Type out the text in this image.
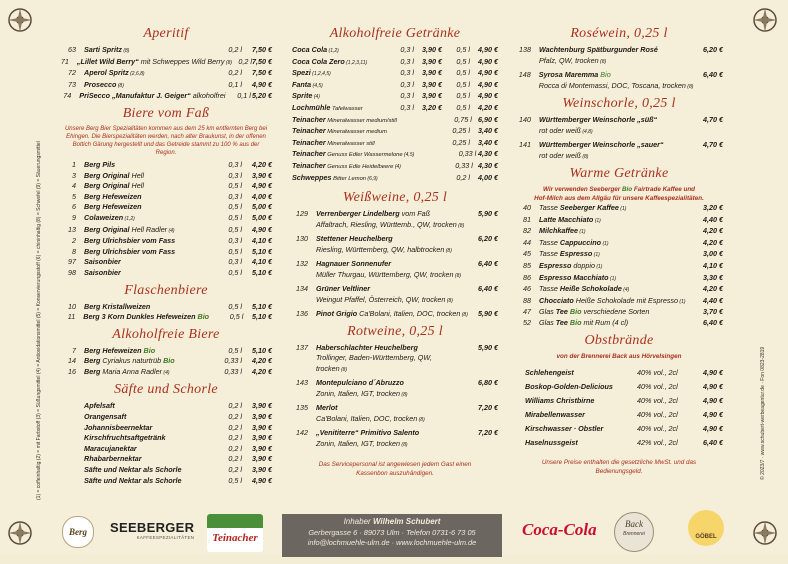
(1) = coffeinhaltig (2) = mit Farbstoff (3) = Süßungsmittel (4) = Antioxidationsmittel (5) = Konservierungsstoff (6) = chininhaltig (8) = Schwefel (9) = Säuerungsmittel	© 2023/7 · www.schubert-werbeagentur.de · Fon 0823-2819
Aperitif
63 Sarti Spritz (8)	0,2 l	7,50 €
71 „Lillet Wild Berry“ mit Schweppes Wild Berry (8) 0,2 l 7,50 €
72 Aperol Spritz (2,6,8)	0,2 l	7,50 €
73 Prosecco (8)	0,1 l	4,90 €
74 PriSecco „Manufaktur J. Geiger“ alkoholfrei	0,1 l 5,20 €
Biere vom Faß
Unsere Berg Bier Spezialitäten kommen aus dem 25 km entfernten Berg bei Ehingen. Die Bierspezialitäten werden, nach alter Braukunst, in der offenen Bottich Gärung hergestellt und das Getreide stammt zu 100 % aus der Region.
1 Berg Pils	0,3 l	4,20 €
3 Berg Original Hell	0,3 l	3,90 €
4 Berg Original Hell	0,5 l	4,90 €
5 Berg Hefeweizen	0,3 l	4,00 €
6 Berg Hefeweizen	0,5 l	5,00 €
9 Colaweizen (1,2)	0,5 l	5,00 €
13 Berg Original Hell Radler (4)	0,5 l	4,90 €
2 Berg Ulrichsbier vom Fass	0,3 l	4,10 €
8 Berg Ulrichsbier vom Fass	0,5 l	5,10 €
97 Saisonbier	0,3 l	4,10 €
98 Saisonbier	0,5 l	5,10 €
Flaschenbiere
10 Berg Kristallweizen	0,5 l	5,10 €
11 Berg 3 Korn Dunkles Hefeweizen Bio	0,5 l	5,10 €
Alkoholfreie Biere
7 Berg Hefeweizen Bio	0,5 l	5,10 €
14 Berg Cyriakus naturtrüb Bio	0,33 l	4,20 €
16 Berg Maria Anna Radler (4)	0,33 l	4,20 €
Säfte und Schorle
Apfelsaft	0,2 l	3,90 €
Orangensaft	0,2 l	3,90 €
Johannisbeernektar	0,2 l	3,90 €
Kirschfruchtsaftgetränk	0,2 l	3,90 €
Maracujanektar	0,2 l	3,90 €
Rhabarbernektar	0,2 l	3,90 €
Säfte und Nektar als Schorle	0,2 l	3,90 €
Säfte und Nektar als Schorle	0,5 l	4,90 €
Alkoholfreie Getränke
Coca Cola (1,2)	0,3 l	3,90 €	0,5 l	4,90 €
Coca Cola Zero (1,2,3,11)	0,3 l	3,90 €	0,5 l	4,90 €
Spezi (1,2,4,5)	0,3 l	3,90 €	0,5 l	4,90 €
Fanta (4,5)	0,3 l	3,90 €	0,5 l	4,90 €
Sprite (4)	0,3 l	3,90 €	0,5 l	4,90 €
Lochmühle Tafelwasser	0,3 l	3,20 €	0,5 l	4,20 €
Teinacher Mineralwasser medium/still	0,75 l 6,90 €
Teinacher Mineralwasser medium	0,25 l	3,40 €
Teinacher Mineralwasser still	0,25 l	3,40 €
Teinacher Genuss Edler Wassermelone (4,5)	0,33 l 4,30 €
Teinacher Genuss Edle Heidelbeere (4)	0,33 l 4,30 €
Schweppes Bitter Lemon (6,9)	0,2 l	4,00 €
Weißweine, 0,25 l
129 Verrenberger Lindelberg vom Faß
Affaltrach, Riesling, Württemb., QW, trocken (8)
5,90 €
130 Stettener Heuchelberg
Riesling, Württemberg, QW, halbtrocken (8)
6,20 €
132 Hagnauer Sonnenufer
Müller Thurgau, Württemberg, QW, trocken (8)
6,40 €
134 Grüner Veltliner
Weingut Pfaffel, Österreich, QW, trocken (8)
6,40 €
136 Pinot Grigio Ca'Bolani, Italien, DOC, trocken (8)	5,90 €
Rotweine, 0,25 l
137 Haberschlachter Heuchelberg
Trollinger, Baden-Württemberg, QW,
trocken (8)
5,90 €
143 Montepulciano d´Abruzzo
Zonin, Italien, IGT, trocken (8)
6,80 €
135 Merlot
Ca'Bolani, Italien, DOC, trocken (8)
7,20 €
142 „Venititerre“ Primitivo Salento
Zonin, Italien, IGT, trocken (8)
7,20 €
Das Servicepersonal ist angewiesen jedem Gast einen Kassenbon auszuhändigen.
Roséwein, 0,25 l
138 Wachtenburg Spätburgunder Rosé
Pfalz, QW, trocken (8)
6,20 €
148 Syrosa Maremma Bio
Rocca di Montemassi, DOC, Toscana, trocken (8)
6,40 €
Weinschorle, 0,25 l
140 Württemberger Weinschorle „süß“
rot oder weiß (4,8)
4,70 €
141 Württemberger Weinschorle „sauer“
rot oder weiß (8)
4,70 €
Warme Getränke
Wir verwenden Seeberger Bio Fairtrade Kaffee und
Hof-Milch aus dem Allgäu für unsere Kaffeespezialitäten.
40 Tasse Seeberger Kaffee (1)	3,20 €
81 Latte Macchiato (1)	4,40 €
82 Milchkaffee (1)	4,20 €
44 Tasse Cappuccino (1)	4,20 €
45 Tasse Espresso (1)	3,00 €
85 Espresso doppio (1)	4,10 €
86 Espresso Macchiato (1)	3,30 €
46 Tasse Heiße Schokolade (4)	4,20 €
88 Chocciato Heiße Schokolade mit Espresso (1)	4,40 €
47 Glas Tee Bio verschiedene Sorten	3,70 €
52 Glas Tee Bio mit Rum (4 cl)	6,40 €
Obstbrände
von der Brennerei Back aus Hörvelsingen
Schlehengeist	40% vol., 2cl	4,90 €
Boskop-Golden-Delicious	40% vol., 2cl	4,90 €
Williams Christbirne	40% vol., 2cl	4,90 €
Mirabellenwasser	40% vol., 2cl	4,90 €
Kirschwasser · Obstler	40% vol., 2cl	4,90 €
Haselnussgeist	42% vol., 2cl	6,40 €
Unsere Preise enthalten die gesetzliche MwSt. und das Bedienungsgeld.
Inhaber Wilhelm Schubert
Gerbergasse 6 · 89073 Ulm · Telefon 0731-6 73 05
info@lochmuehle-ulm.de · www.lochmuehle-ulm.de
Berg	SEEBERGER
KAFFEESPEZIALITÄTEN	Teinacher	Coca-Cola	Back
Brennerei	GÖBEL
